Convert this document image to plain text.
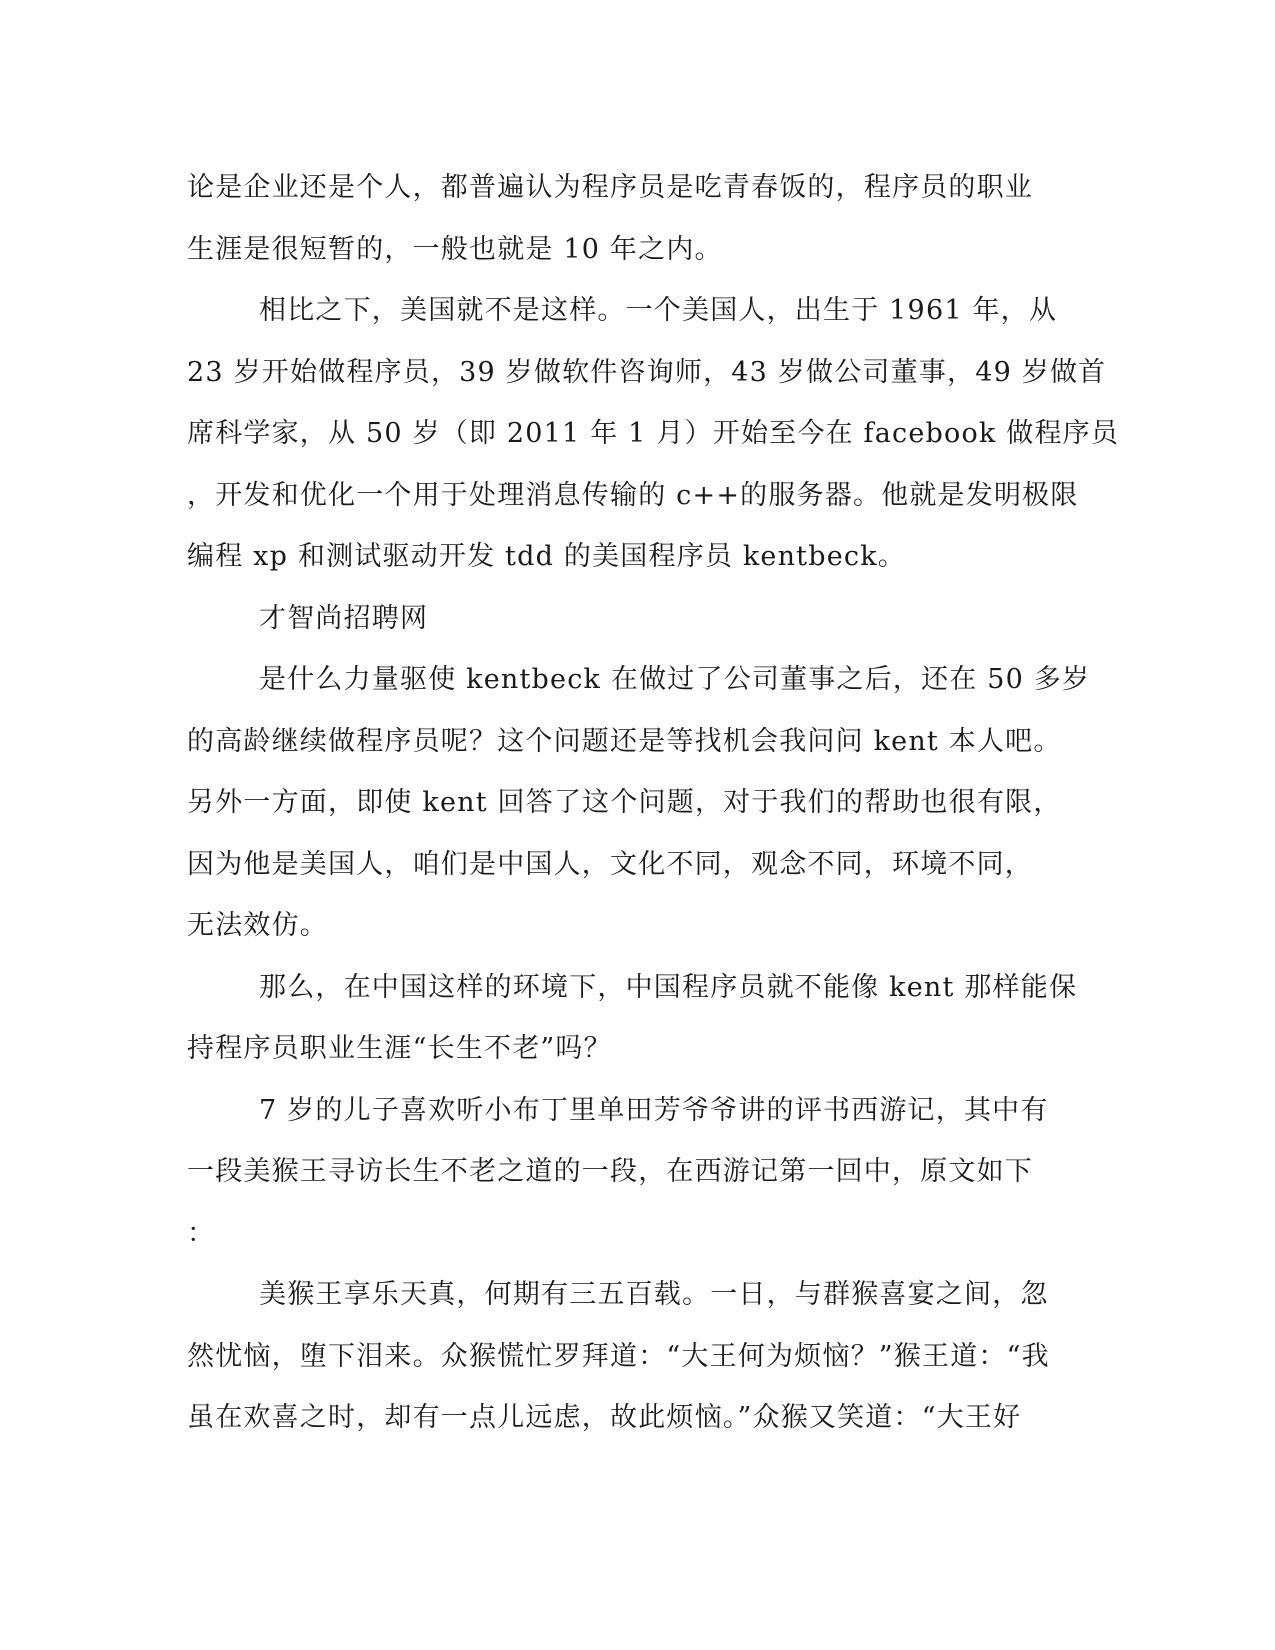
论是企业还是个人，都普遍认为程序员是吃青春饭的，程序员的职业
生涯是很短暂的，一般也就是 10 年之内。
相比之下，美国就不是这样。一个美国人，出生于 1961 年，从
23 岁开始做程序员，39 岁做软件咨询师，43 岁做公司董事，49 岁做首
席科学家，从 50 岁（即 2011 年 1 月）开始至今在 facebook 做程序员
，开发和优化一个用于处理消息传输的 c++的服务器。他就是发明极限
编程 xp 和测试驱动开发 tdd 的美国程序员 kentbeck。
才智尚招聘网
是什么力量驱使 kentbeck 在做过了公司董事之后，还在 50 多岁
的高龄继续做程序员呢？这个问题还是等找机会我问问 kent 本人吧。
另外一方面，即使 kent 回答了这个问题，对于我们的帮助也很有限，
因为他是美国人，咱们是中国人，文化不同，观念不同，环境不同，
无法效仿。
那么，在中国这样的环境下，中国程序员就不能像 kent 那样能保
持程序员职业生涯“长生不老”吗？
7 岁的儿子喜欢听小布丁里单田芳爷爷讲的评书西游记，其中有
一段美猴王寻访长生不老之道的一段，在西游记第一回中，原文如下
：
美猴王享乐天真，何期有三五百载。一日，与群猴喜宴之间，忽
然忧恼，堕下泪来。众猴慌忙罗拜道：“大王何为烦恼？”猴王道：“我
虽在欢喜之时，却有一点儿远虑，故此烦恼。”众猴又笑道：“大王好
